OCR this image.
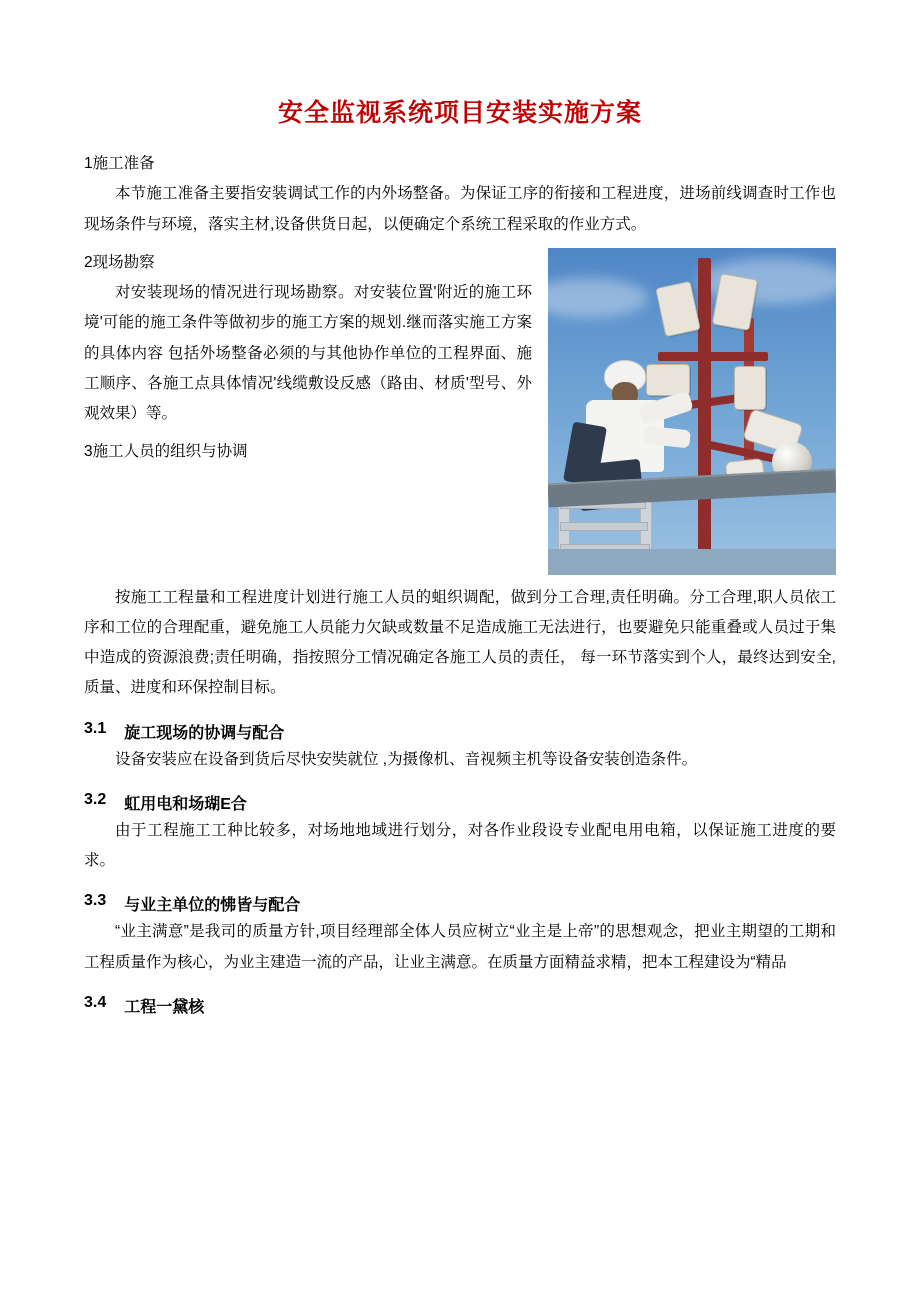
安全监视系统项目安装实施方案
1施工准备

本节施工准备主要指安装调试工作的内外场整备。为保证工序的衔接和工程进度，进场前线调查时工作也现场条件与环境，落实主材,设备供货日起，以便确定个系统工程采取的作业方式。

2现场勘察

对安装现场的情况进行现场勘察。对安装位置'附近的施工环境'可能的施工条件等做初步的施工方案的规划.继而落实施工方案的具体内容 包括外场整备必须的与其他协作单位的工程界面、施工顺序、各施工点具体情况'线缆敷设反感（路由、材质'型号、外观效果）等。

3施工人员的组织与协调

按施工工程量和工程进度计划进行施工人员的蛆织调配，做到分工合理,责任明确。分工合理,职人员依工序和工位的合理配重，避免施工人员能力欠缺或数量不足造成施工无法进行，也要避免只能重叠或人员过于集中造成的资源浪费;责任明确，指按照分工情况确定各施工人员的责任， 每一环节落实到个人，最终达到安全,质量、进度和环保控制目标。

3.1 旋工现场的协调与配合

设备安装应在设备到货后尽快安奘就位 ,为摄像机、音视频主机等设备安装创造条件。

3.2 虹用电和场瑚E合

由于工程施工工种比较多，对场地地域进行划分，对各作业段设专业配电用电箱，以保证施工进度的要求。

3.3 与业主单位的怫皆与配合

“业主满意”是我司的质量方针,项目经理部全体人员应树立“业主是上帝”的思想观念，把业主期望的工期和工程质量作为核心，为业主建造一流的产品，让业主满意。在质量方面精益求精，把本工程建设为“精品

3.4 工程一黛核
